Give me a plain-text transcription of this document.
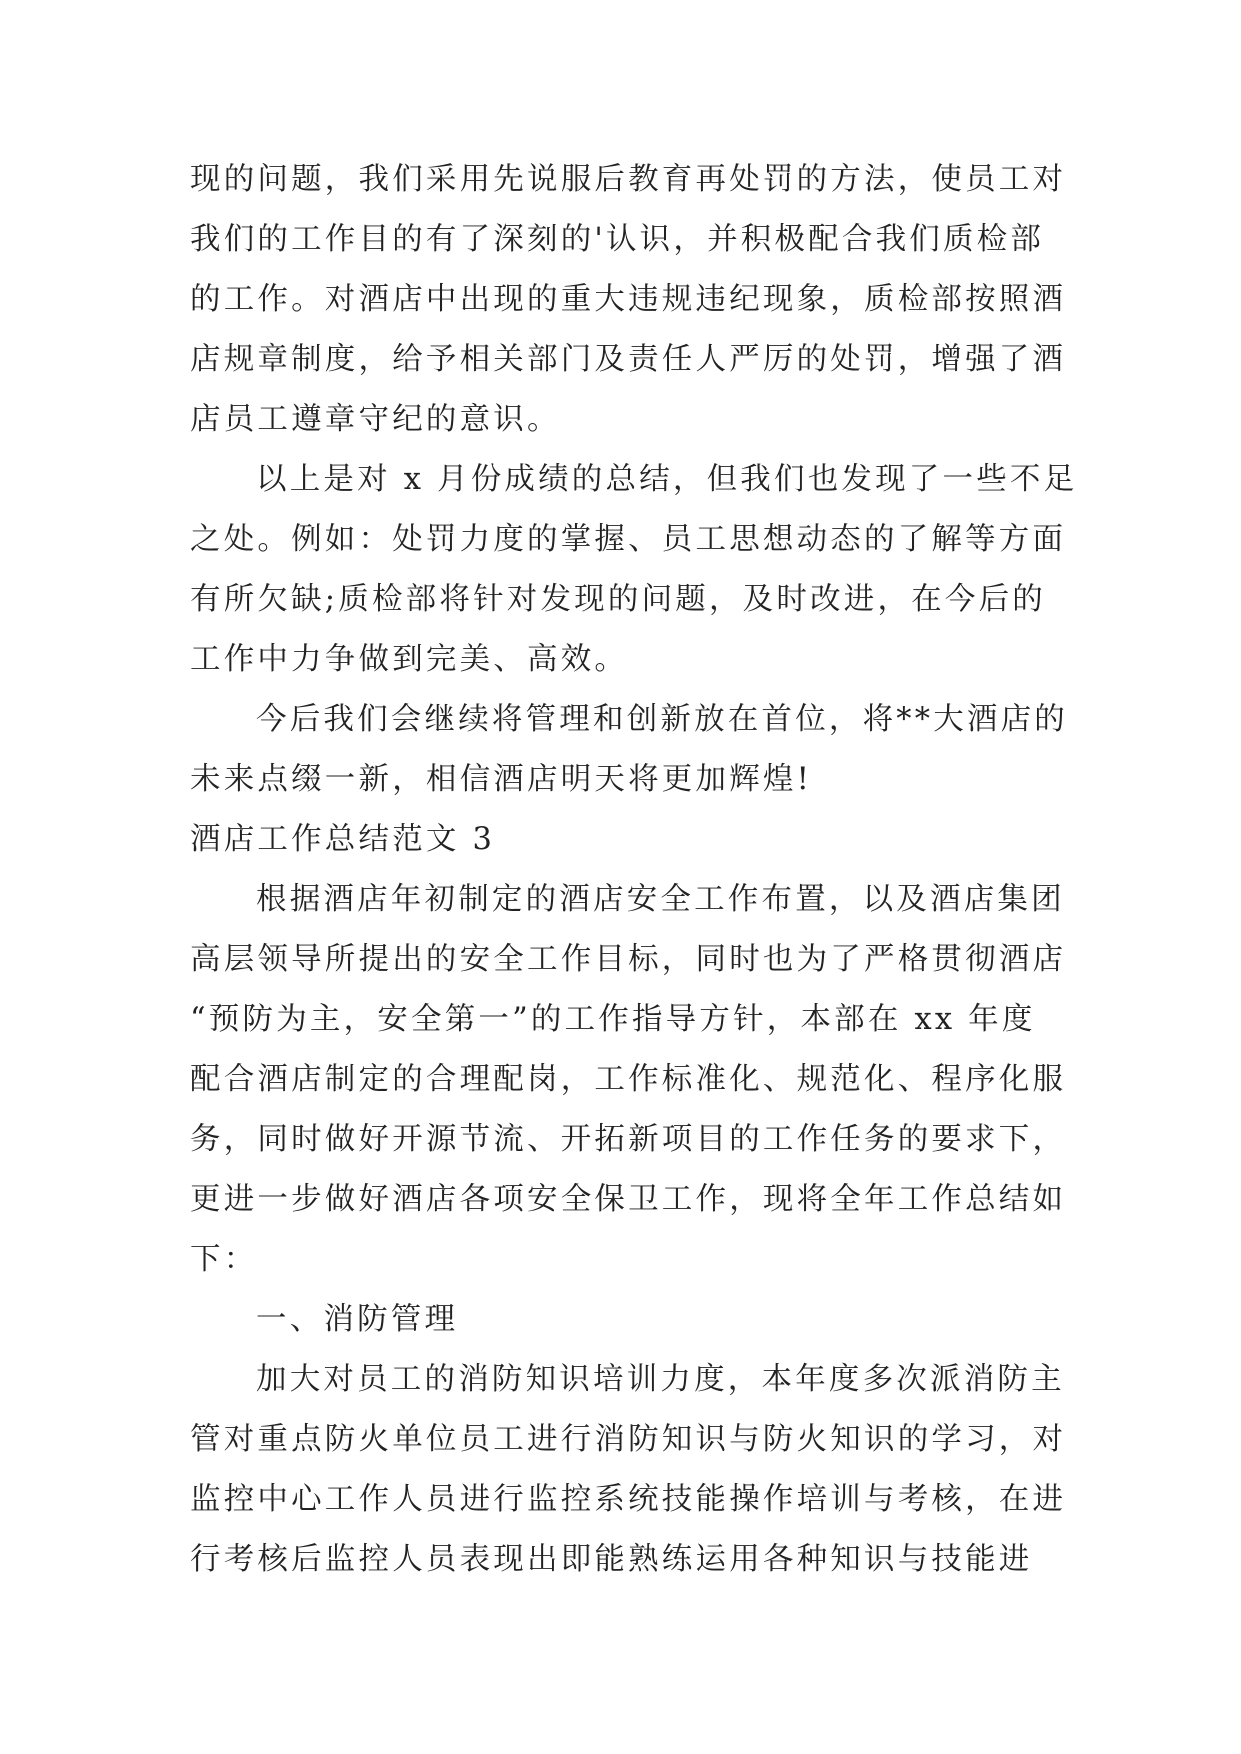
现的问题，我们采用先说服后教育再处罚的方法，使员工对
我们的工作目的有了深刻的'认识，并积极配合我们质检部
的工作。对酒店中出现的重大违规违纪现象，质检部按照酒
店规章制度，给予相关部门及责任人严厉的处罚，增强了酒
店员工遵章守纪的意识。
以上是对 x 月份成绩的总结，但我们也发现了一些不足
之处。例如：处罚力度的掌握、员工思想动态的了解等方面
有所欠缺;质检部将针对发现的问题，及时改进，在今后的
工作中力争做到完美、高效。
今后我们会继续将管理和创新放在首位，将**大酒店的
未来点缀一新，相信酒店明天将更加辉煌!
酒店工作总结范文 3
根据酒店年初制定的酒店安全工作布置，以及酒店集团
高层领导所提出的安全工作目标，同时也为了严格贯彻酒店
“预防为主，安全第一”的工作指导方针，本部在 xx 年度
配合酒店制定的合理配岗，工作标准化、规范化、程序化服
务，同时做好开源节流、开拓新项目的工作任务的要求下，
更进一步做好酒店各项安全保卫工作，现将全年工作总结如
下：
一、消防管理
加大对员工的消防知识培训力度，本年度多次派消防主
管对重点防火单位员工进行消防知识与防火知识的学习，对
监控中心工作人员进行监控系统技能操作培训与考核，在进
行考核后监控人员表现出即能熟练运用各种知识与技能进
